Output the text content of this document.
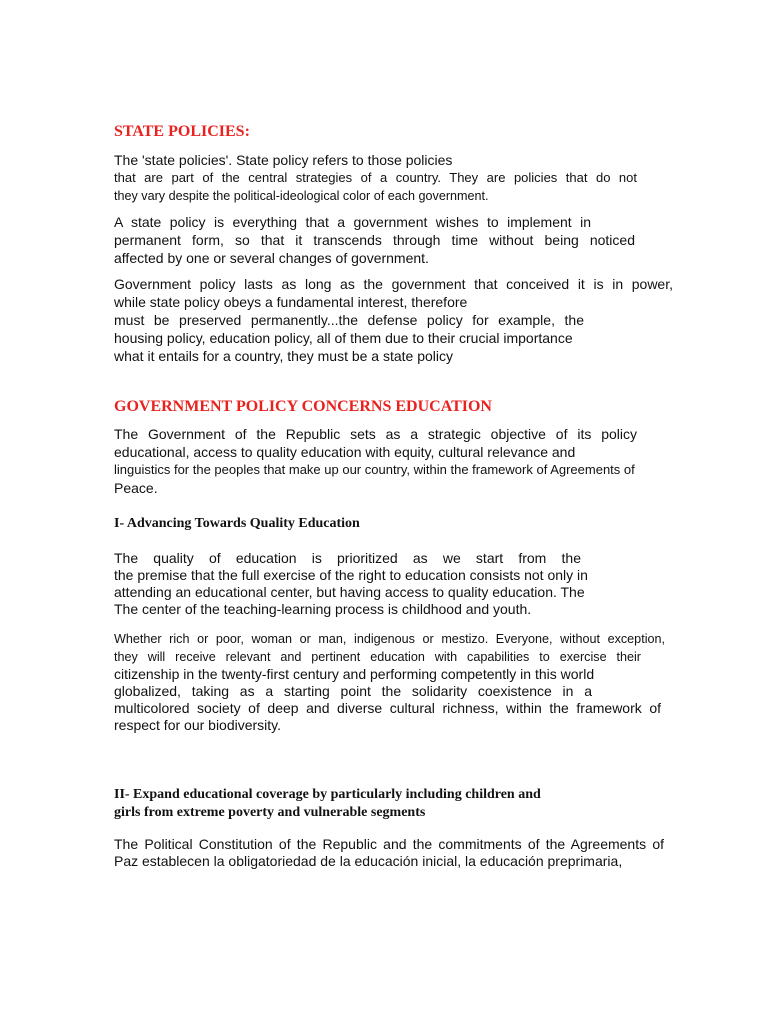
STATE POLICIES:
The 'state policies'. State policy refers to those policies
that are part of the central strategies of a country. They are policies that do not
they vary despite the political-ideological color of each government.
A state policy is everything that a government wishes to implement in
permanent form, so that it transcends through time without being noticed
affected by one or several changes of government.
Government policy lasts as long as the government that conceived it is in power,
while state policy obeys a fundamental interest, therefore
must be preserved permanently...the defense policy for example, the
housing policy, education policy, all of them due to their crucial importance
what it entails for a country, they must be a state policy
GOVERNMENT POLICY CONCERNS EDUCATION
The Government of the Republic sets as a strategic objective of its policy
educational, access to quality education with equity, cultural relevance and
linguistics for the peoples that make up our country, within the framework of Agreements of
Peace.
I- Advancing Towards Quality Education
The quality of education is prioritized as we start from the
the premise that the full exercise of the right to education consists not only in
attending an educational center, but having access to quality education. The
The center of the teaching-learning process is childhood and youth.
Whether rich or poor, woman or man, indigenous or mestizo. Everyone, without exception,
they will receive relevant and pertinent education with capabilities to exercise their
citizenship in the twenty-first century and performing competently in this world
globalized, taking as a starting point the solidarity coexistence in a
multicolored society of deep and diverse cultural richness, within the framework of
respect for our biodiversity.
II- Expand educational coverage by particularly including children and
girls from extreme poverty and vulnerable segments
The Political Constitution of the Republic and the commitments of the Agreements of
Paz establecen la obligatoriedad de la educación inicial, la educación preprimaria,
